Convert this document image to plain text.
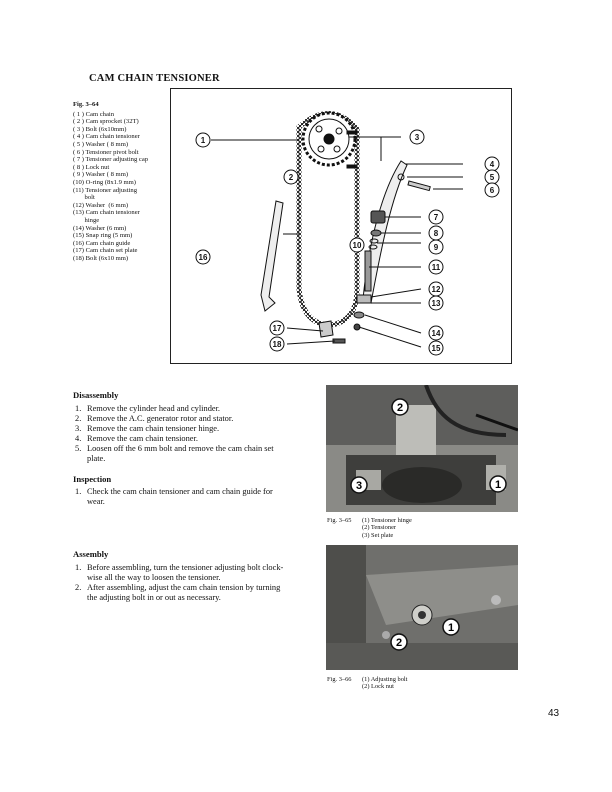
CAM CHAIN TENSIONER
Fig. 3–64
( 1 ) Cam chain
( 2 ) Cam sprocket (32T)
( 3 ) Bolt (6x10mm)
( 4 ) Cam chain tensioner
( 5 ) Washer ( 8 mm)
( 6 ) Tensioner pivot bolt
( 7 ) Tensioner adjusting cap
( 8 ) Lock nut
( 9 ) Washer ( 8 mm)
(10) O-ring (8x1.9 mm)
(11) Tensioner adjusting
bolt
(12) Washer  (6 mm)
(13) Cam chain tensioner
hinge
(14) Washer (6 mm)
(15) Snap ring (5 mm)
(16) Cam chain guide
(17) Cam chain set plate
(18) Bolt (6x10 mm)
1
2
3
4
5
6
7
8
9
10
11
12
13
14
15
16
17
18
Disassembly
1. Remove the cylinder head and cylinder.
2. Remove the A.C. generator rotor and stator.
3. Remove the cam chain tensioner hinge.
4. Remove the cam chain tensioner.
5. Loosen off the 6 mm bolt and remove the cam chain set
plate.
Inspection
1. Check the cam chain tensioner and cam chain guide for
wear.
Assembly
1. Before assembling, turn the tensioner adjusting bolt clock-
wise all the way to loosen the tensioner.
2. After assembling, adjust the cam chain tension by turning
the adjusting bolt in or out as necessary.
2
3	1
Fig. 3–65 (1) Tensioner hinge
(2) Tensioner
(3) Set plate
1
2
Fig. 3–66 (1) Adjusting bolt
(2) Lock nut
43
